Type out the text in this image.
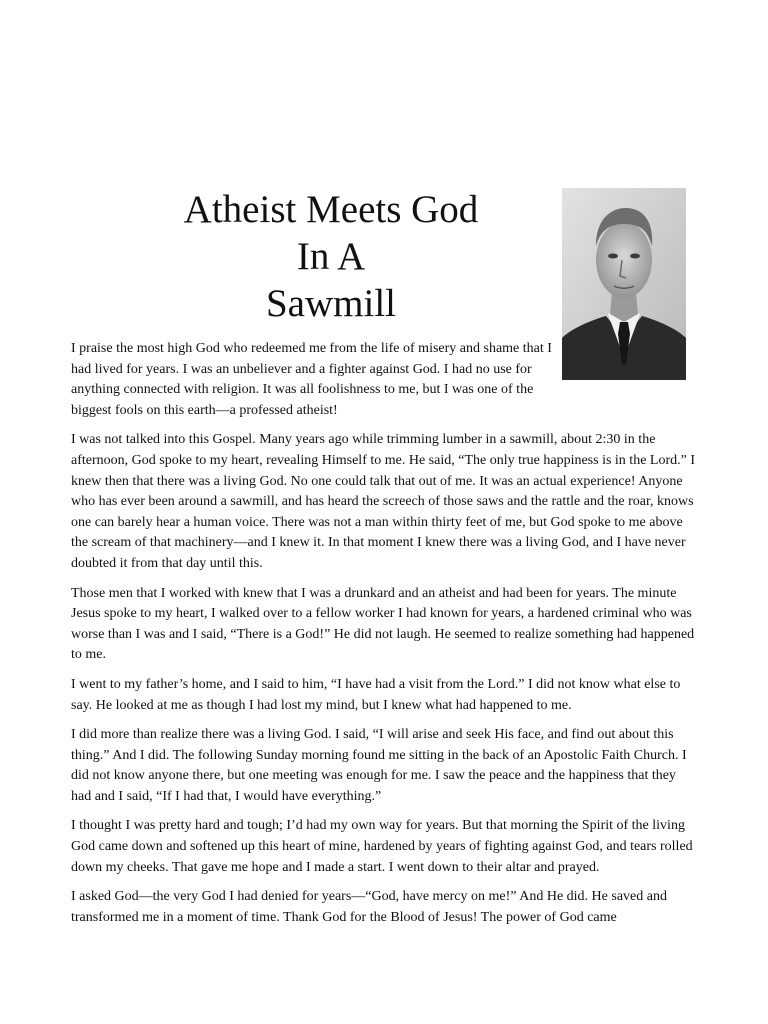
Atheist Meets God
In A
Sawmill

I praise the most high God who redeemed me from the life of misery and shame that I had lived for years. I was an unbeliever and a fighter against God. I had no use for anything connected with religion. It was all foolishness to me, but I was one of the biggest fools on this earth—a professed atheist!

I was not talked into this Gospel. Many years ago while trimming lumber in a sawmill, about 2:30 in the afternoon, God spoke to my heart, revealing Himself to me. He said, “The only true happiness is in the Lord.” I knew then that there was a living God. No one could talk that out of me. It was an actual experience! Anyone who has ever been around a sawmill, and has heard the screech of those saws and the rattle and the roar, knows one can barely hear a human voice. There was not a man within thirty feet of me, but God spoke to me above the scream of that machinery—and I knew it. In that moment I knew there was a living God, and I have never doubted it from that day until this.

Those men that I worked with knew that I was a drunkard and an atheist and had been for years. The minute Jesus spoke to my heart, I walked over to a fellow worker I had known for years, a hardened criminal who was worse than I was and I said, “There is a God!” He did not laugh. He seemed to realize something had happened to me.

I went to my father’s home, and I said to him, “I have had a visit from the Lord.” I did not know what else to say. He looked at me as though I had lost my mind, but I knew what had happened to me.

I did more than realize there was a living God. I said, “I will arise and seek His face, and find out about this thing.” And I did. The following Sunday morning found me sitting in the back of an Apostolic Faith Church. I did not know anyone there, but one meeting was enough for me. I saw the peace and the happiness that they had and I said, “If I had that, I would have everything.”

I thought I was pretty hard and tough; I’d had my own way for years. But that morning the Spirit of the living God came down and softened up this heart of mine, hardened by years of fighting against God, and tears rolled down my cheeks. That gave me hope and I made a start. I went down to their altar and prayed.

I asked God—the very God I had denied for years—“God, have mercy on me!” And He did. He saved and transformed me in a moment of time. Thank God for the Blood of Jesus! The power of God came
